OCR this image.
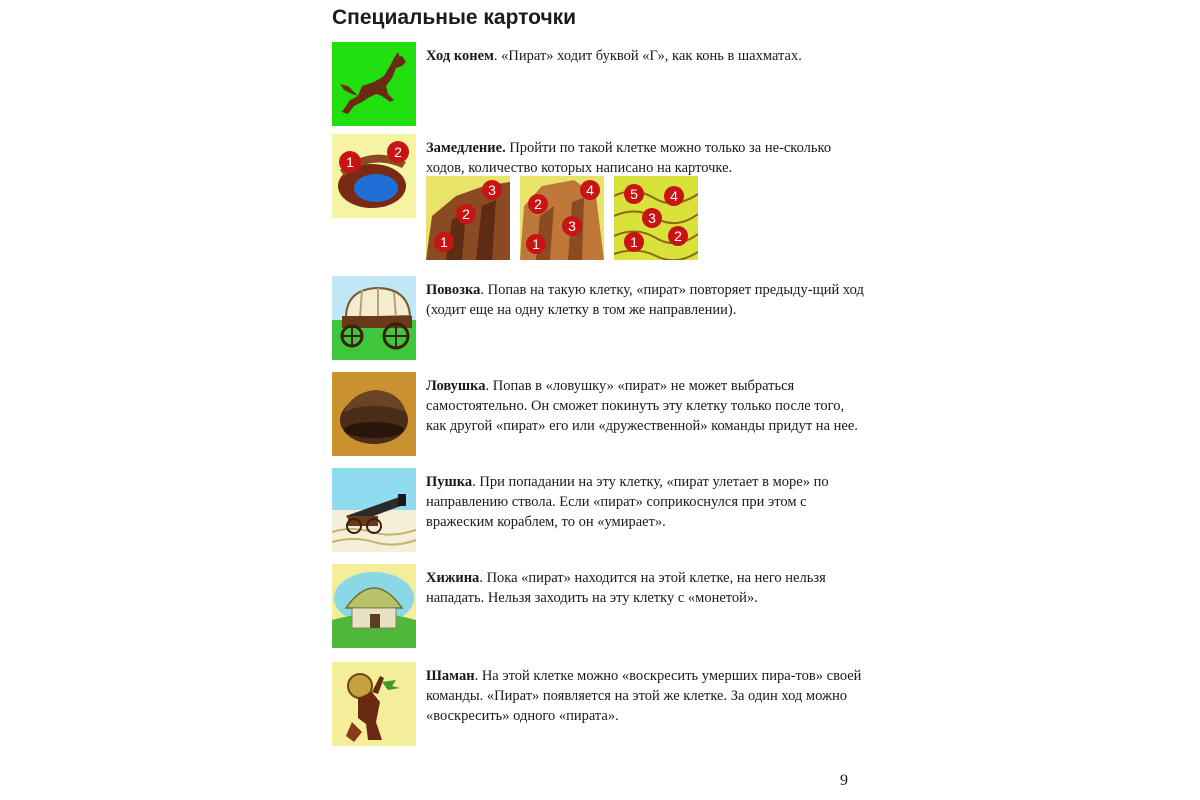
Специальные карточки

Ход конем. «Пират» ходит буквой «Г», как конь в шахматах.

1
2 Замедление. Пройти по такой клетке можно только за не-сколько ходов, количество которых написано на карточке.

1
2
3
1
2
3
4	5 4
3
1	2

Повозка. Попав на такую клетку, «пират» повторяет предыду-щий ход (ходит еще на одну клетку в том же направлении).

Ловушка. Попав в «ловушку» «пират» не может выбраться самостоятельно. Он сможет покинуть эту клетку только после того, как другой «пират» его или «дружественной» команды придут на нее.

Пушка. При попадании на эту клетку, «пират улетает в море» по направлению ствола. Если «пират» соприкоснулся при этом с вражеским кораблем, то он «умирает».

Хижина. Пока «пират» находится на этой клетке, на него нельзя нападать. Нельзя заходить на эту клетку с «монетой».

Шаман. На этой клетке можно «воскресить умерших пира-тов» своей команды. «Пират» появляется на этой же клетке. За один ход можно «воскресить» одного «пирата».

9
